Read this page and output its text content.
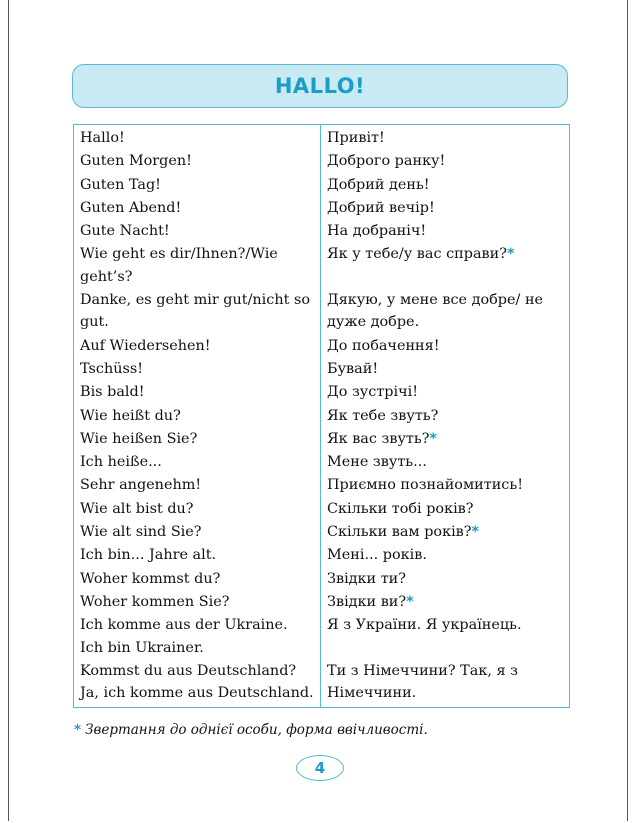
HALLO!
Hallo!	Привіт!
Guten Morgen!	Доброго ранку!
Guten Tag!	Добрий день!
Guten Abend!	Добрий вечір!
Gute Nacht!	На добраніч!
Wie geht es dir/Ihnen?/Wie geht’s?	Як у тебе/у вас справи?*
Danke, es geht mir gut/nicht so gut.	Дякую, у мене все добре/ не дуже добре.
Auf Wiedersehen!	До побачення!
Tschüss!	Бувай!
Bis bald!	До зустрічі!
Wie heißt du?	Як тебе звуть?
Wie heißen Sie?	Як вас звуть?*
Ich heiße...	Мене звуть...
Sehr angenehm!	Приємно познайомитись!
Wie alt bist du?	Скільки тобі років?
Wie alt sind Sie?	Скільки вам років?*
Ich bin... Jahre alt.	Мені... років.
Woher kommst du?	Звідки ти?
Woher kommen Sie?	Звідки ви?*
Ich komme aus der Ukraine. Ich bin Ukrainer.	Я з України. Я українець.
Kommst du aus Deutschland? Ja, ich komme aus Deutschland.	Ти з Німеччини? Так, я з Німеччини.
* Звертання до однієї особи, форма ввічливості.
4
